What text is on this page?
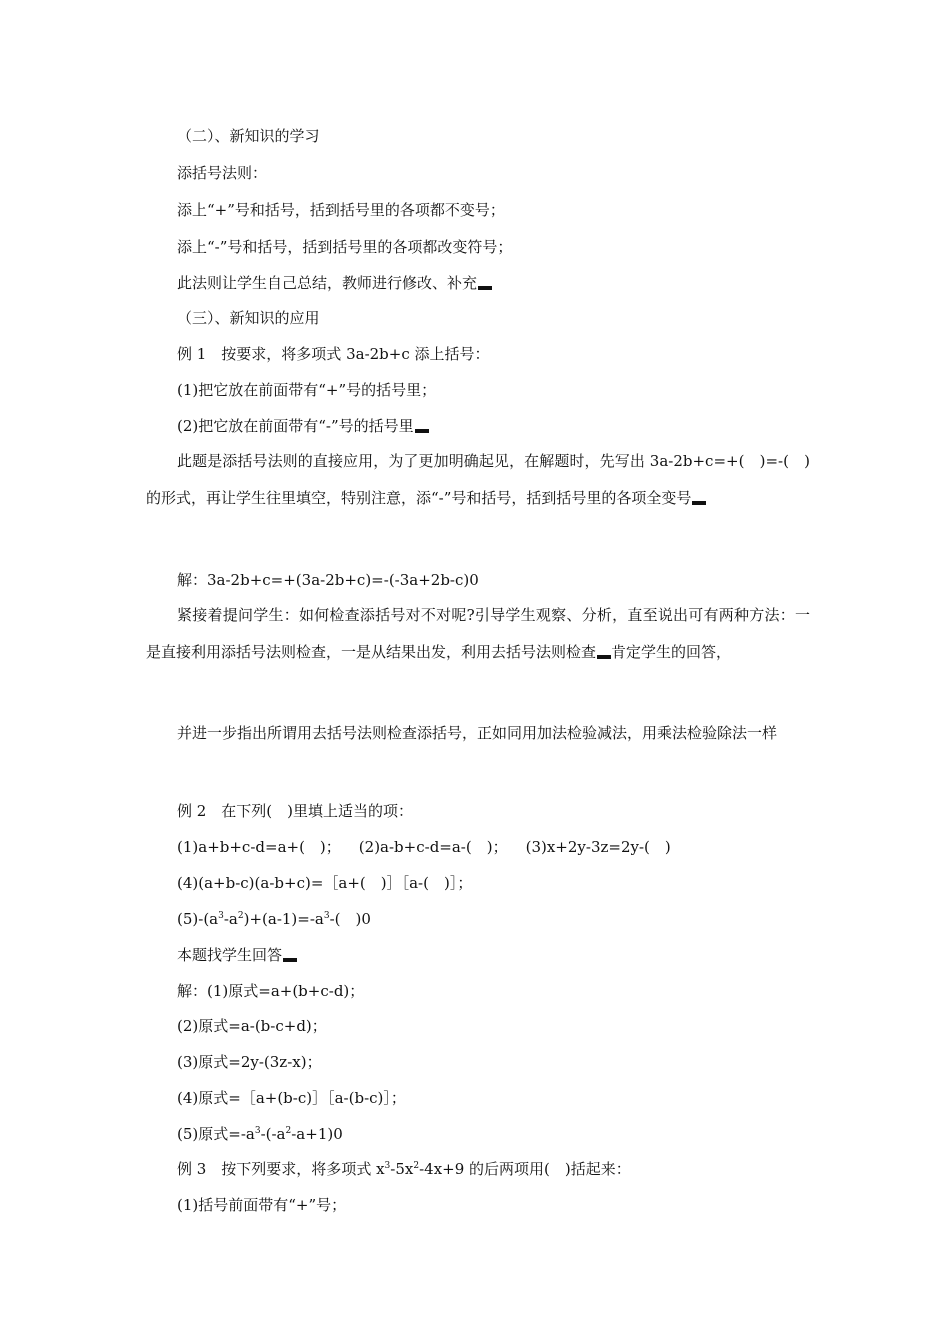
（二）、新知识的学习
添括号法则：
添上“+”号和括号，括到括号里的各项都不变号；
添上“-”号和括号，括到括号里的各项都改变符号；
此法则让学生自己总结，教师进行修改、补充
（三）、新知识的应用
例 1　按要求，将多项式 3a-2b+c 添上括号：
(1)把它放在前面带有“+”号的括号里；
(2)把它放在前面带有“-”号的括号里
此题是添括号法则的直接应用，为了更加明确起见，在解题时，先写出 3a-2b+c=+(　)=-(　)的形式，再让学生往里填空，特别注意，添“-”号和括号，括到括号里的各项全变号
解：3a-2b+c=+(3a-2b+c)=-(-3a+2b-c)0
紧接着提问学生：如何检查添括号对不对呢?引导学生观察、分析，直至说出可有两种方法：一是直接利用添括号法则检查，一是从结果出发，利用去括号法则检查 肯定学生的回答，
并进一步指出所谓用去括号法则检查添括号，正如同用加法检验减法，用乘法检验除法一样
例 2　在下列(　)里填上适当的项：
(1)a+b+c-d=a+(　)； (2)a-b+c-d=a-(　)； (3)x+2y-3z=2y-(　)
(4)(a+b-c)(a-b+c)=［a+(　)］［a-(　)］；
$(5)-(a^3-a^2)+(a-1)=-a^3-$(　)0
本题找学生回答
解：(1)原式=a+(b+c-d)；
(2)原式=a-(b-c+d)；
(3)原式=2y-(3z-x)；
(4)原式=［a+(b-c)］［a-(b-c)］；
(5)原式$=-a^3-(-a^2-a+1)0$
例 3　按下列要求，将多项式 $x^3-5x^2-4x+9$ 的后两项用(　)括起来：
(1)括号前面带有“+”号；
